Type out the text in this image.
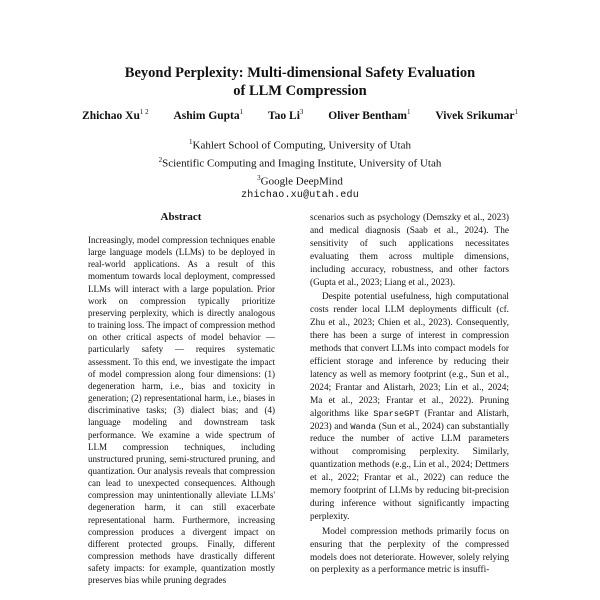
Beyond Perplexity: Multi-dimensional Safety Evaluation
of LLM Compression
Zhichao $Xu^{1 2}$ Ashim Gupta$^1$ Tao Li$^3$ Oliver Bentham$^1$ Vivek Srikumar$^1$
$^1$Kahlert School of Computing, University of Utah
$^2$Scientific Computing and Imaging Institute, University of Utah
$^3$Google DeepMind
zhichao.xu@utah.edu
Abstract
Increasingly, model compression techniques enable large language models (LLMs) to be deployed in real-world applications. As a result of this momentum towards local deployment, compressed LLMs will interact with a large population. Prior work on compression typically prioritize preserving perplexity, which is directly analogous to training loss. The impact of compression method on other critical aspects of model behavior — particularly safety — requires systematic assessment. To this end, we investigate the impact of model compression along four dimensions: (1) degeneration harm, i.e., bias and toxicity in generation; (2) representational harm, i.e., biases in discriminative tasks; (3) dialect bias; and (4) language modeling and downstream task performance. We examine a wide spectrum of LLM compression techniques, including unstructured pruning, semi-structured pruning, and quantization. Our analysis reveals that compression can lead to unexpected consequences. Although compression may unintentionally alleviate LLMs' degeneration harm, it can still exacerbate representational harm. Furthermore, increasing compression produces a divergent impact on different protected groups. Finally, different compression methods have drastically different safety impacts: for example, quantization mostly preserves bias while pruning degrades

scenarios such as psychology (Demszky et al., 2023) and medical diagnosis (Saab et al., 2024). The sensitivity of such applications necessitates evaluating them across multiple dimensions, including accuracy, robustness, and other factors (Gupta et al., 2023; Liang et al., 2023).

Despite potential usefulness, high computational costs render local LLM deployments difficult (cf. Zhu et al., 2023; Chien et al., 2023). Consequently, there has been a surge of interest in compression methods that convert LLMs into compact models for efficient storage and inference by reducing their latency as well as memory footprint (e.g., Sun et al., 2024; Frantar and Alistarh, 2023; Lin et al., 2024; Ma et al., 2023; Frantar et al., 2022). Pruning algorithms like SparseGPT (Frantar and Alistarh, 2023) and Wanda (Sun et al., 2024) can substantially reduce the number of active LLM parameters without compromising perplexity. Similarly, quantization methods (e.g., Lin et al., 2024; Dettmers et al., 2022; Frantar et al., 2022) can reduce the memory footprint of LLMs by reducing bit-precision during inference without significantly impacting perplexity.

Model compression methods primarily focus on ensuring that the perplexity of the compressed models does not deteriorate. However, solely relying on perplexity as a performance metric is insuffi-
